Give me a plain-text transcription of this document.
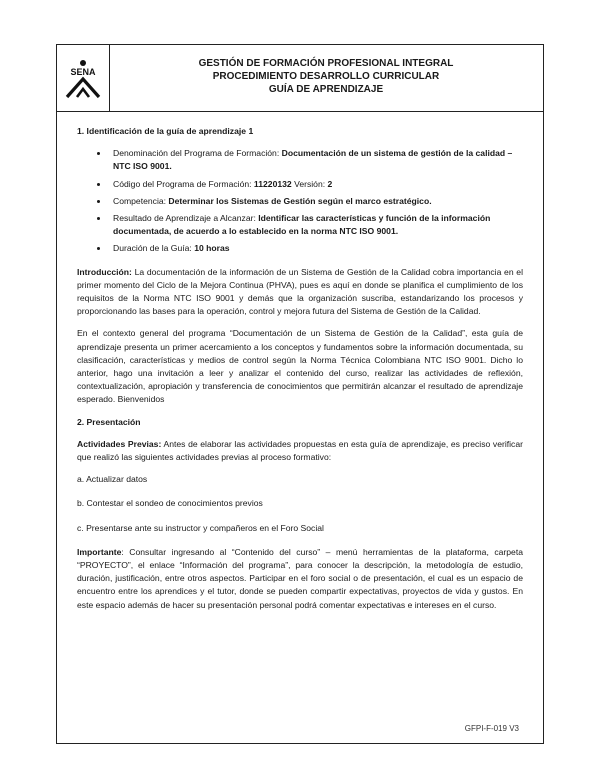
SENA
GESTIÓN DE FORMACIÓN PROFESIONAL INTEGRAL
PROCEDIMIENTO DESARROLLO CURRICULAR
GUÍA DE APRENDIZAJE
1. Identificación de la guía de aprendizaje 1
• Denominación del Programa de Formación: Documentación de un sistema de gestión de la calidad – NTC ISO 9001.
• Código del Programa de Formación: 11220132 Versión: 2
• Competencia: Determinar los Sistemas de Gestión según el marco estratégico.
• Resultado de Aprendizaje a Alcanzar: Identificar las características y función de la información documentada, de acuerdo a lo establecido en la norma NTC ISO 9001.
• Duración de la Guía: 10 horas

Introducción: La documentación de la información de un Sistema de Gestión de la Calidad cobra importancia en el primer momento del Ciclo de la Mejora Continua (PHVA), pues es aquí en donde se planifica el cumplimiento de los requisitos de la Norma NTC ISO 9001 y demás que la organización suscriba, estandarizando los procesos y proporcionando las bases para la operación, control y mejora futura del Sistema de Gestión de la Calidad.

En el contexto general del programa “Documentación de un Sistema de Gestión de la Calidad”, esta guía de aprendizaje presenta un primer acercamiento a los conceptos y fundamentos sobre la información documentada, su clasificación, características y medios de control según la Norma Técnica Colombiana NTC ISO 9001. Dicho lo anterior, hago una invitación a leer y analizar el contenido del curso, realizar las actividades de reflexión, contextualización, apropiación y transferencia de conocimientos que permitirán alcanzar el resultado de aprendizaje esperado. Bienvenidos

2. Presentación

Actividades Previas: Antes de elaborar las actividades propuestas en esta guía de aprendizaje, es preciso verificar que realizó las siguientes actividades previas al proceso formativo:

a. Actualizar datos
b. Contestar el sondeo de conocimientos previos
c. Presentarse ante su instructor y compañeros en el Foro Social

Importante: Consultar ingresando al “Contenido del curso” – menú herramientas de la plataforma, carpeta “PROYECTO”, el enlace “Información del programa”, para conocer la descripción, la metodología de estudio, duración, justificación, entre otros aspectos. Participar en el foro social o de presentación, el cual es un espacio de encuentro entre los aprendices y el tutor, donde se pueden compartir expectativas, proyectos de vida y gustos. En este espacio además de hacer su presentación personal podrá comentar expectativas e intereses en el curso.

GFPI-F-019 V3
